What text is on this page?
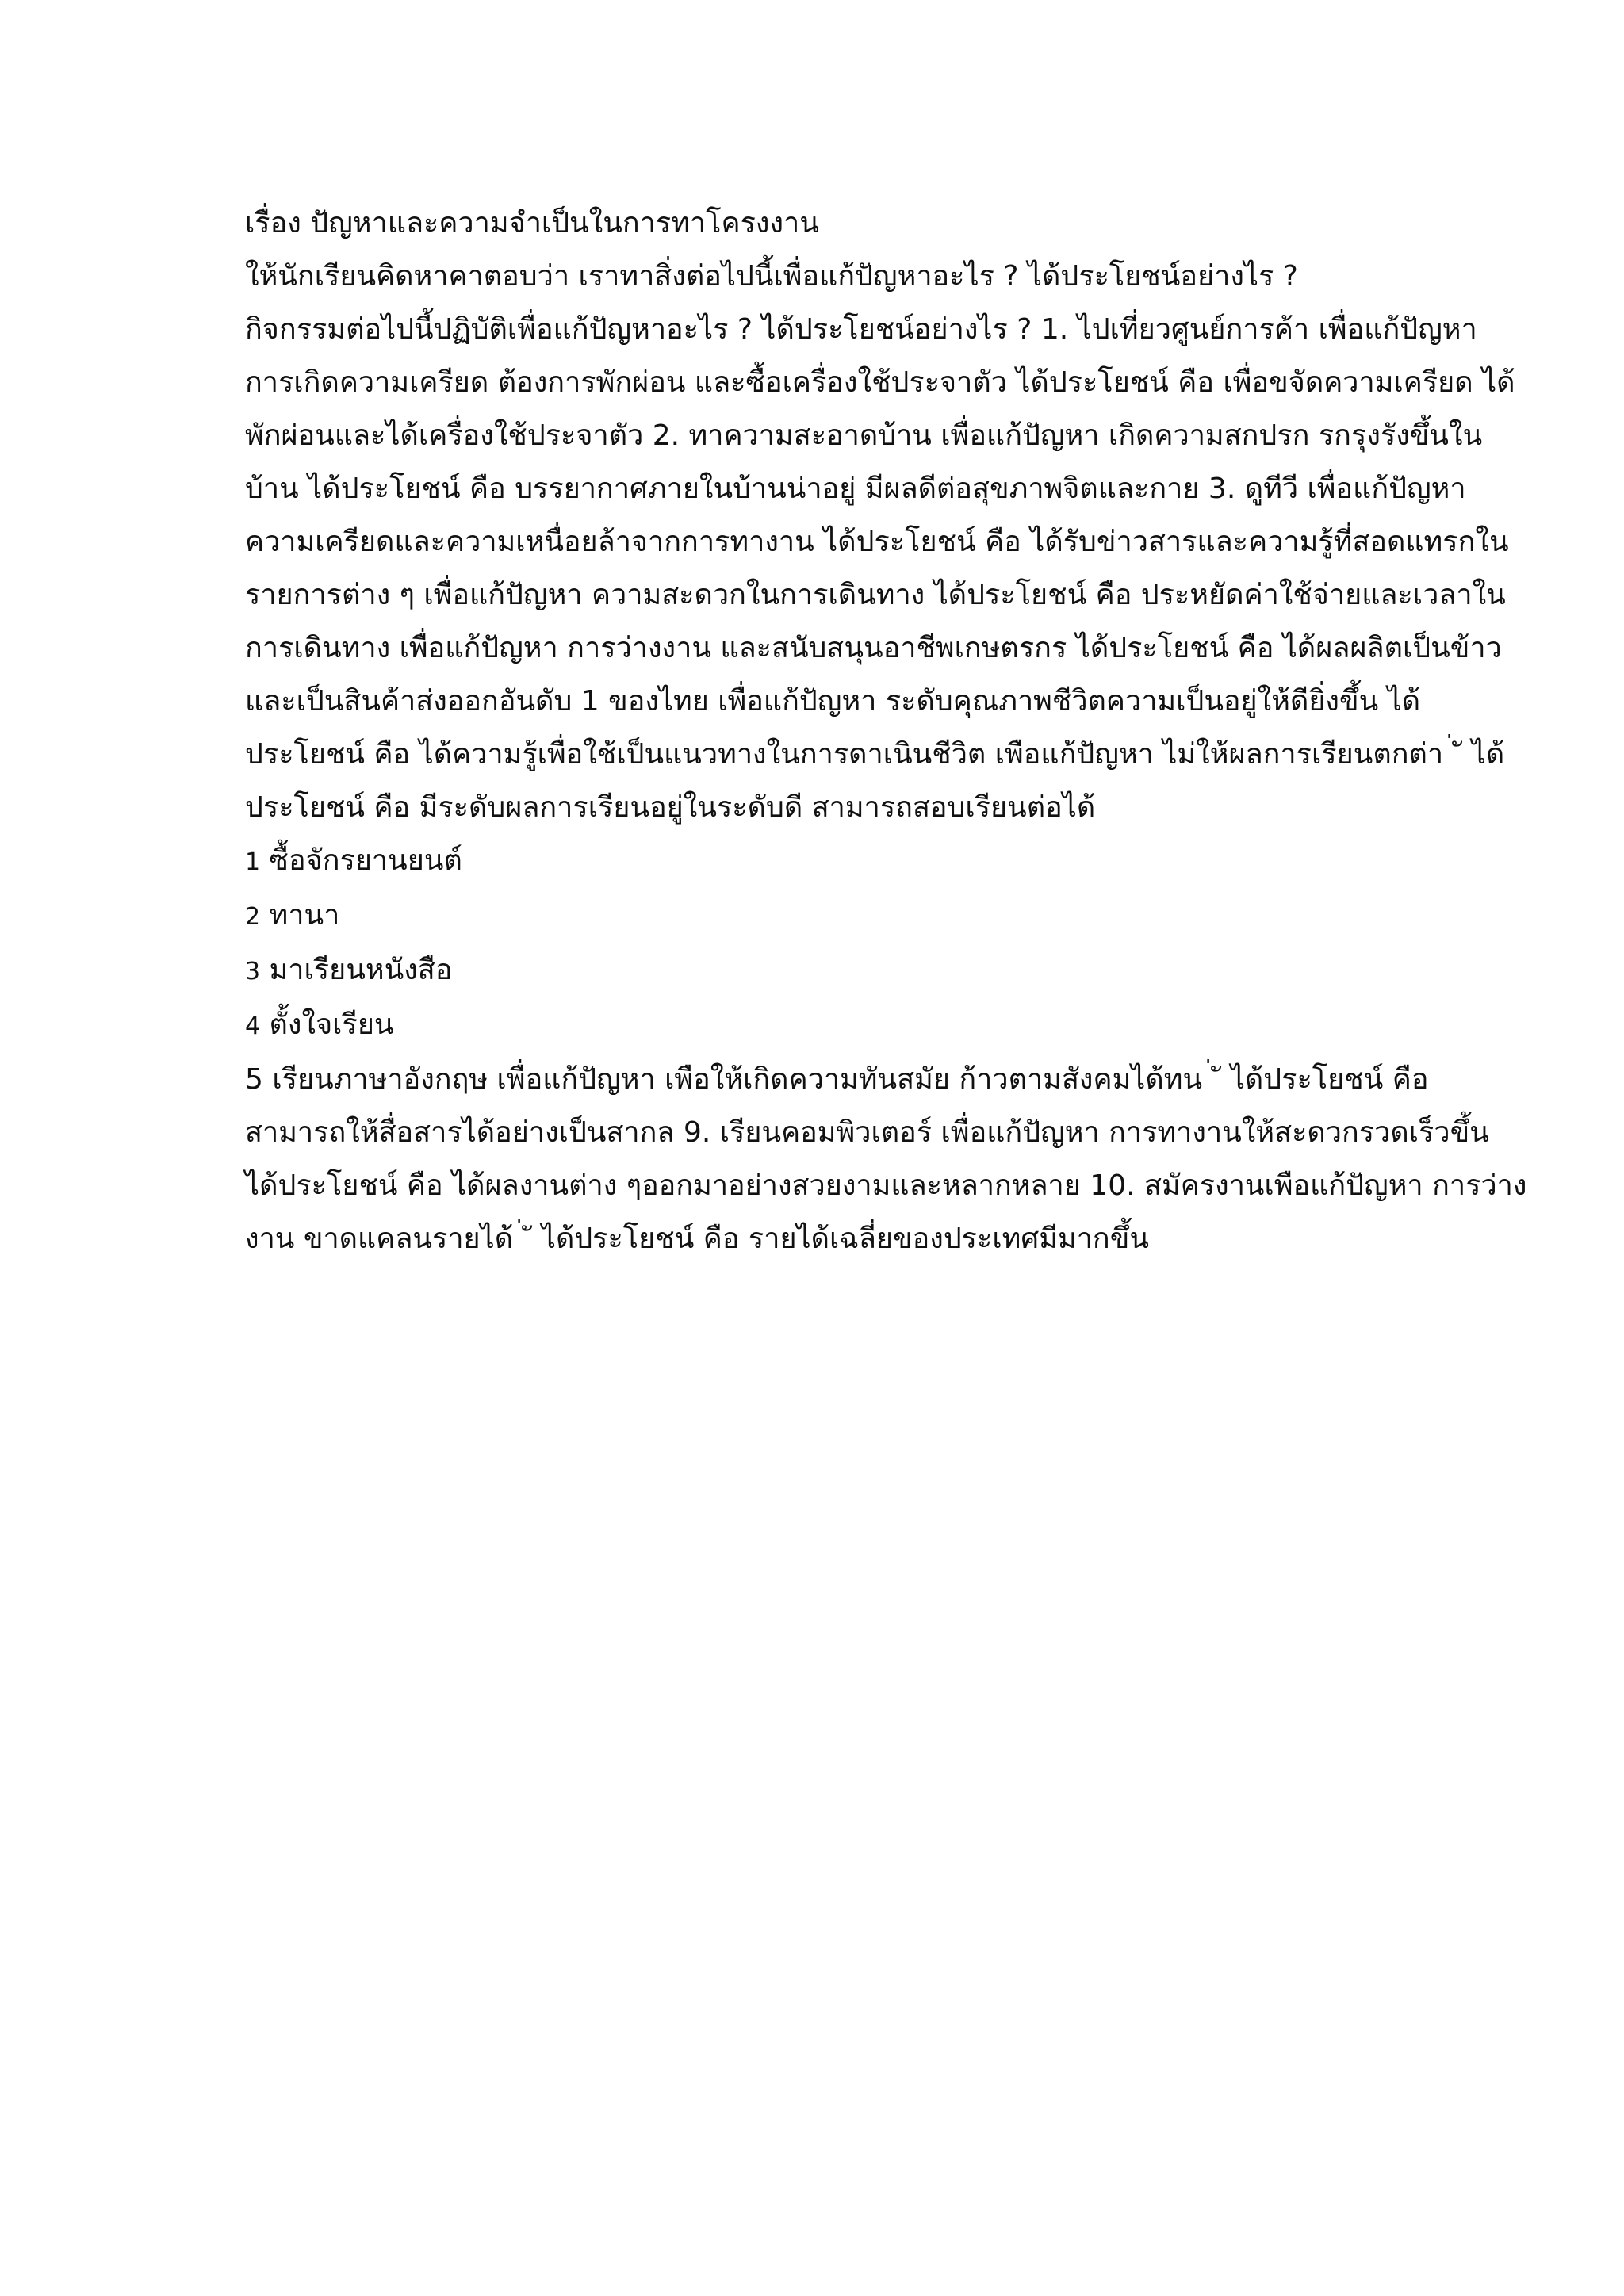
เรื่อง ปัญหาและความจำเป็นในการทาโครงงาน

ให้นักเรียนคิดหาคาตอบว่า เราทาสิ่งต่อไปนี้เพื่อแก้ปัญหาอะไร ? ได้ประโยชน์อย่างไร ?

กิจกรรมต่อไปนี้ปฏิบัติเพื่อแก้ปัญหาอะไร ? ได้ประโยชน์อย่างไร ? 1. ไปเที่ยวศูนย์การค้า เพื่อแก้ปัญหา การเกิดความเครียด ต้องการพักผ่อน และซื้อเครื่องใช้ประจาตัว ได้ประโยชน์ คือ เพื่อขจัดความเครียด ได้พักผ่อนและได้เครื่องใช้ประจาตัว 2. ทาความสะอาดบ้าน เพื่อแก้ปัญหา เกิดความสกปรก รกรุงรังขึ้นในบ้าน ได้ประโยชน์ คือ บรรยากาศภายในบ้านน่าอยู่ มีผลดีต่อสุขภาพจิตและกาย 3. ดูทีวี เพื่อแก้ปัญหา ความเครียดและความเหนื่อยล้าจากการทางาน ได้ประโยชน์ คือ ได้รับข่าวสารและความรู้ที่สอดแทรกในรายการต่าง ๆ เพื่อแก้ปัญหา ความสะดวกในการเดินทาง ได้ประโยชน์ คือ ประหยัดค่าใช้จ่ายและเวลาในการเดินทาง เพื่อแก้ปัญหา การว่างงาน และสนับสนุนอาชีพเกษตรกร ได้ประโยชน์ คือ ได้ผลผลิตเป็นข้าวและเป็นสินค้าส่งออกอันดับ 1 ของไทย เพื่อแก้ปัญหา ระดับคุณภาพชีวิตความเป็นอยู่ให้ดียิ่งขึ้น ได้ประโยชน์ คือ ได้ความรู้เพื่อใช้เป็นแนวทางในการดาเนินชีวิต เพือแก้ปัญหา ไม่ให้ผลการเรียนตกต่า ่ ั ได้ประโยชน์ คือ มีระดับผลการเรียนอยู่ในระดับดี สามารถสอบเรียนต่อได้

1 ซื้อจักรยานยนต์

2 ทานา

3 มาเรียนหนังสือ

4 ตั้งใจเรียน

5 เรียนภาษาอังกฤษ เพื่อแก้ปัญหา เพือให้เกิดความทันสมัย ก้าวตามสังคมได้ทน ่ ั ได้ประโยชน์ คือ สามารถให้สื่อสารได้อย่างเป็นสากล 9. เรียนคอมพิวเตอร์ เพื่อแก้ปัญหา การทางานให้สะดวกรวดเร็วขึ้น ได้ประโยชน์ คือ ได้ผลงานต่าง ๆออกมาอย่างสวยงามและหลากหลาย 10. สมัครงานเพือแก้ปัญหา การว่างงาน ขาดแคลนรายได้ ่ ั ได้ประโยชน์ คือ รายได้เฉลี่ยของประเทศมีมากขึ้น
